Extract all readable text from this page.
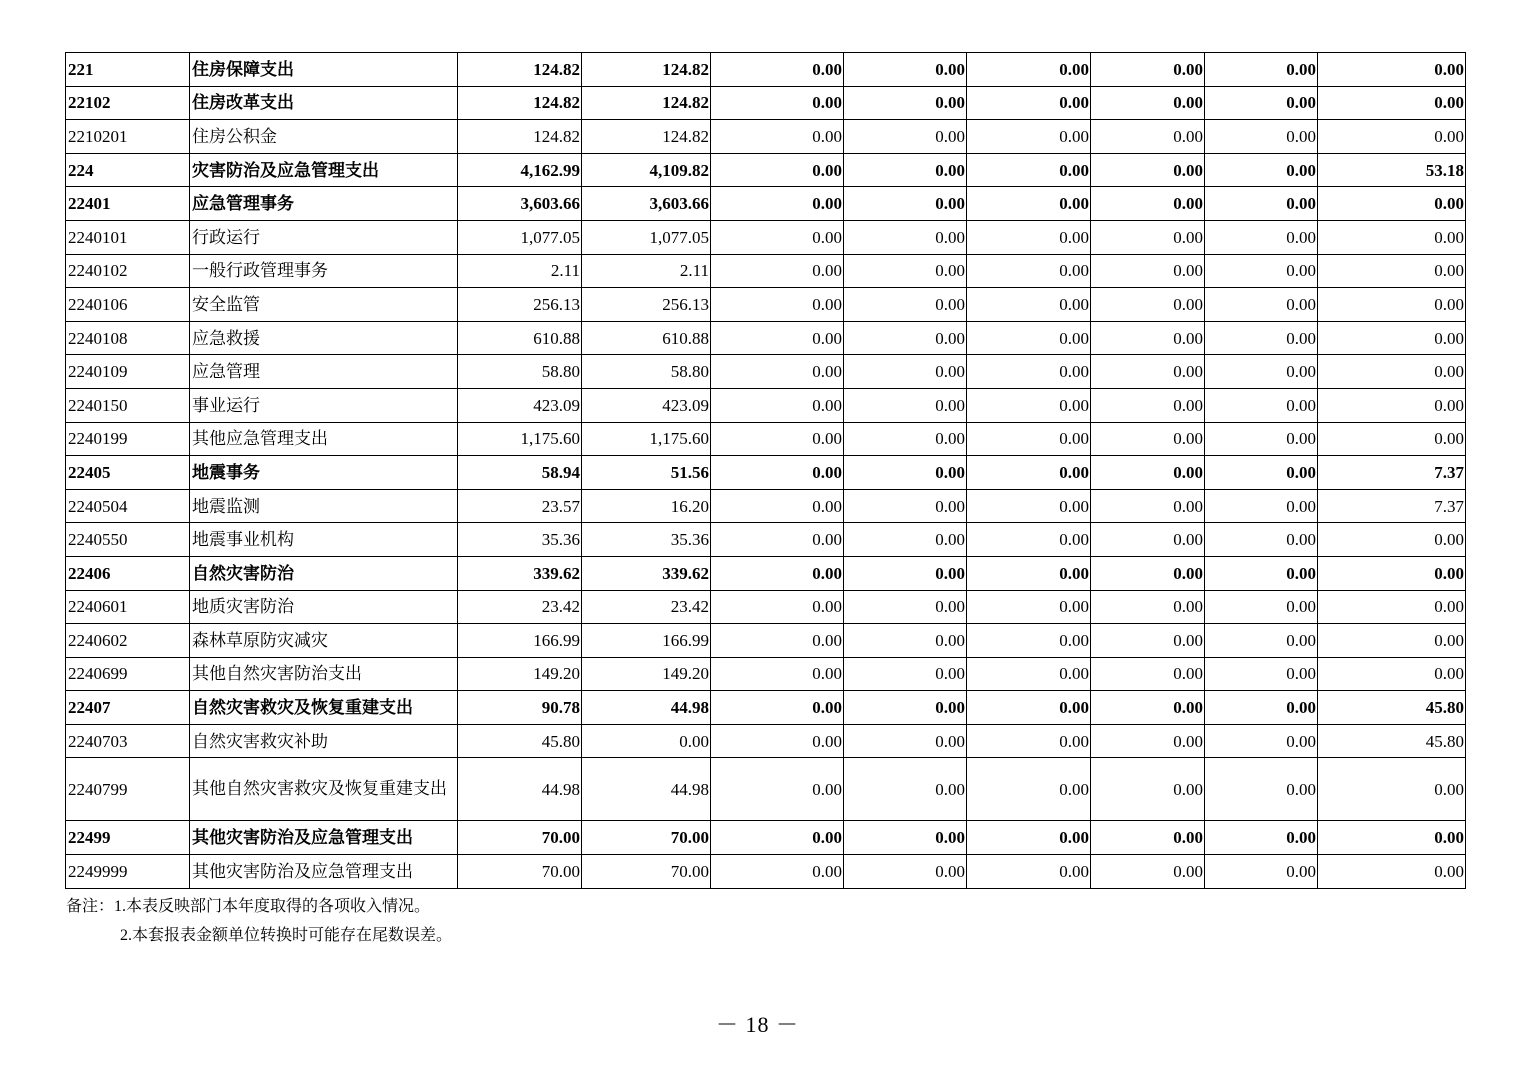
221	住房保障支出	124.82	124.82	0.00	0.00	0.00	0.00	0.00	0.00
22102	住房改革支出	124.82	124.82	0.00	0.00	0.00	0.00	0.00	0.00
2210201	住房公积金	124.82	124.82	0.00	0.00	0.00	0.00	0.00	0.00
224	灾害防治及应急管理支出	4,162.99	4,109.82	0.00	0.00	0.00	0.00	0.00	53.18
22401	应急管理事务	3,603.66	3,603.66	0.00	0.00	0.00	0.00	0.00	0.00
2240101	行政运行	1,077.05	1,077.05	0.00	0.00	0.00	0.00	0.00	0.00
2240102	一般行政管理事务	2.11	2.11	0.00	0.00	0.00	0.00	0.00	0.00
2240106	安全监管	256.13	256.13	0.00	0.00	0.00	0.00	0.00	0.00
2240108	应急救援	610.88	610.88	0.00	0.00	0.00	0.00	0.00	0.00
2240109	应急管理	58.80	58.80	0.00	0.00	0.00	0.00	0.00	0.00
2240150	事业运行	423.09	423.09	0.00	0.00	0.00	0.00	0.00	0.00
2240199	其他应急管理支出	1,175.60	1,175.60	0.00	0.00	0.00	0.00	0.00	0.00
22405	地震事务	58.94	51.56	0.00	0.00	0.00	0.00	0.00	7.37
2240504	地震监测	23.57	16.20	0.00	0.00	0.00	0.00	0.00	7.37
2240550	地震事业机构	35.36	35.36	0.00	0.00	0.00	0.00	0.00	0.00
22406	自然灾害防治	339.62	339.62	0.00	0.00	0.00	0.00	0.00	0.00
2240601	地质灾害防治	23.42	23.42	0.00	0.00	0.00	0.00	0.00	0.00
2240602	森林草原防灾减灾	166.99	166.99	0.00	0.00	0.00	0.00	0.00	0.00
2240699	其他自然灾害防治支出	149.20	149.20	0.00	0.00	0.00	0.00	0.00	0.00
22407	自然灾害救灾及恢复重建支出	90.78	44.98	0.00	0.00	0.00	0.00	0.00	45.80
2240703	自然灾害救灾补助	45.80	0.00	0.00	0.00	0.00	0.00	0.00	45.80
2240799	其他自然灾害救灾及恢复重建支出	44.98	44.98	0.00	0.00	0.00	0.00	0.00	0.00
22499	其他灾害防治及应急管理支出	70.00	70.00	0.00	0.00	0.00	0.00	0.00	0.00
2249999	其他灾害防治及应急管理支出	70.00	70.00	0.00	0.00	0.00	0.00	0.00	0.00
备注：1.本表反映部门本年度取得的各项收入情况。
2.本套报表金额单位转换时可能存在尾数误差。
－ 18 －
